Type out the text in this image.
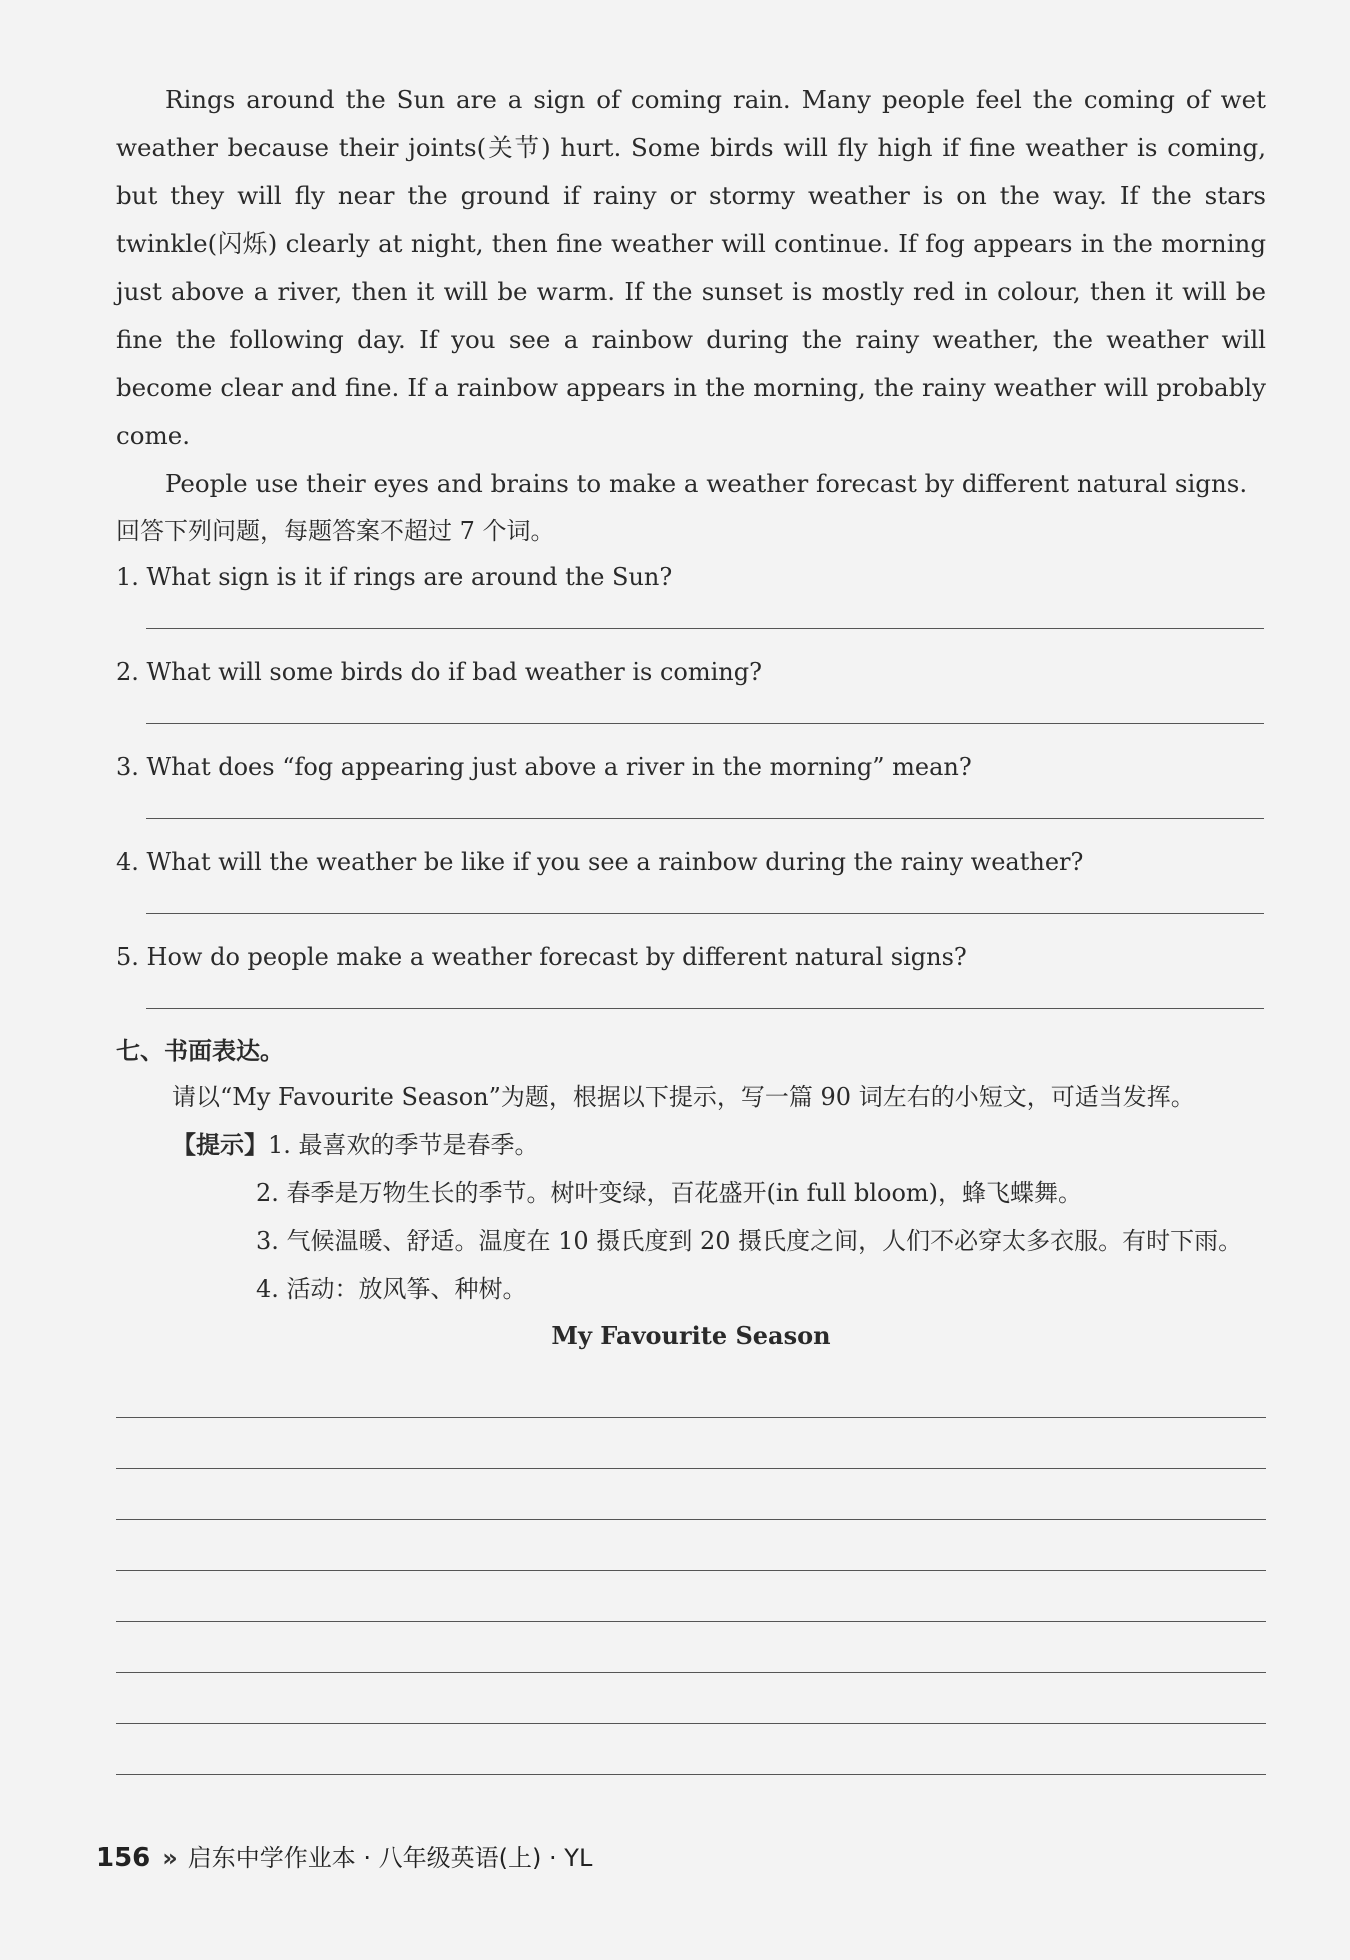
Rings around the Sun are a sign of coming rain. Many people feel the coming of wet weather because their joints(关节) hurt. Some birds will fly high if fine weather is coming, but they will fly near the ground if rainy or stormy weather is on the way. If the stars twinkle(闪烁) clearly at night, then fine weather will continue. If fog appears in the morning just above a river, then it will be warm. If the sunset is mostly red in colour, then it will be fine the following day. If you see a rainbow during the rainy weather, the weather will become clear and fine. If a rainbow appears in the morning, the rainy weather will probably come.

People use their eyes and brains to make a weather forecast by different natural signs.

回答下列问题，每题答案不超过 7 个词。

1. What sign is it if rings are around the Sun?

2. What will some birds do if bad weather is coming?

3. What does “fog appearing just above a river in the morning” mean?

4. What will the weather be like if you see a rainbow during the rainy weather?

5. How do people make a weather forecast by different natural signs?

七、书面表达。

请以“My Favourite Season”为题，根据以下提示，写一篇 90 词左右的小短文，可适当发挥。

【提示】1. 最喜欢的季节是春季。

2. 春季是万物生长的季节。树叶变绿，百花盛开(in full bloom)，蜂飞蝶舞。

3. 气候温暖、舒适。温度在 10 摄氏度到 20 摄氏度之间，人们不必穿太多衣服。有时下雨。

4. 活动：放风筝、种树。

My Favourite Season

156 » 启东中学作业本 · 八年级英语(上) · YL
